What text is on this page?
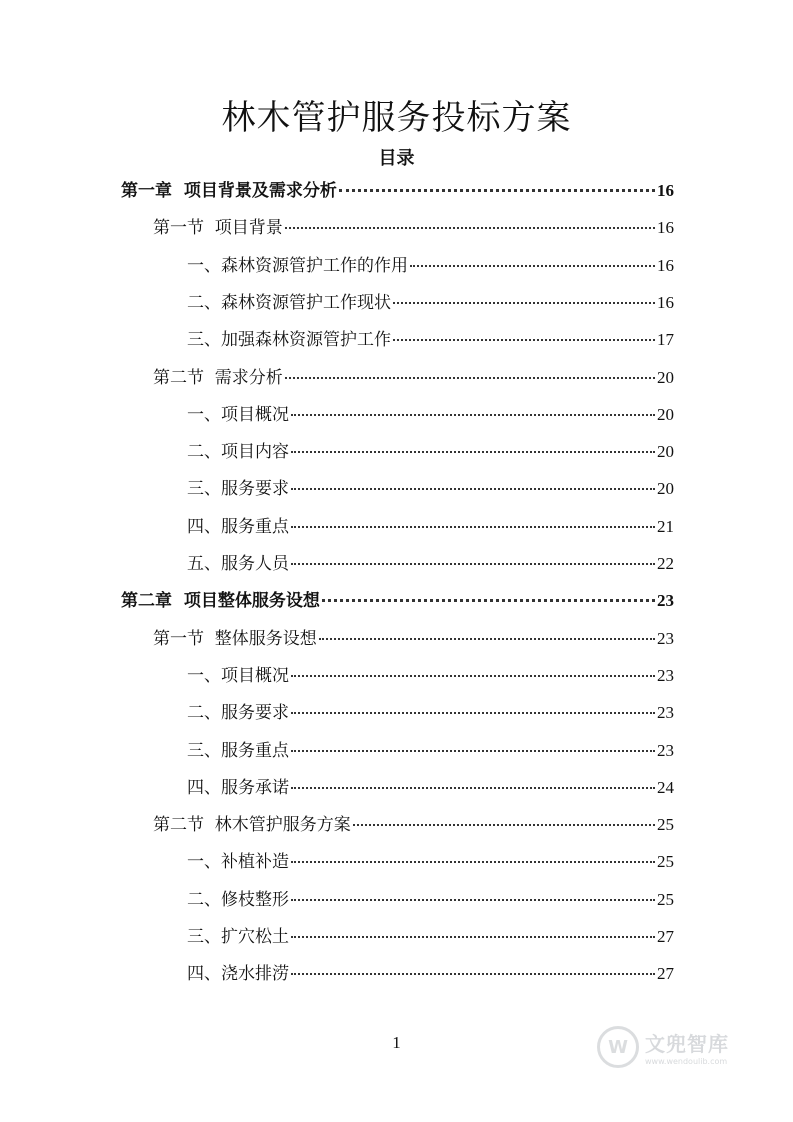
林木管护服务投标方案
目录
第一章  项目背景及需求分析	16
第一节  项目背景	16
一、森林资源管护工作的作用	16
二、森林资源管护工作现状	16
三、加强森林资源管护工作	17
第二节  需求分析	20
一、项目概况	20
二、项目内容	20
三、服务要求	20
四、服务重点	21
五、服务人员	22
第二章  项目整体服务设想	23
第一节  整体服务设想	23
一、项目概况	23
二、服务要求	23
三、服务重点	23
四、服务承诺	24
第二节  林木管护服务方案	25
一、补植补造	25
二、修枝整形	25
三、扩穴松土	27
四、浇水排涝	27
1	W 文兜智库
www.wendoulib.com
